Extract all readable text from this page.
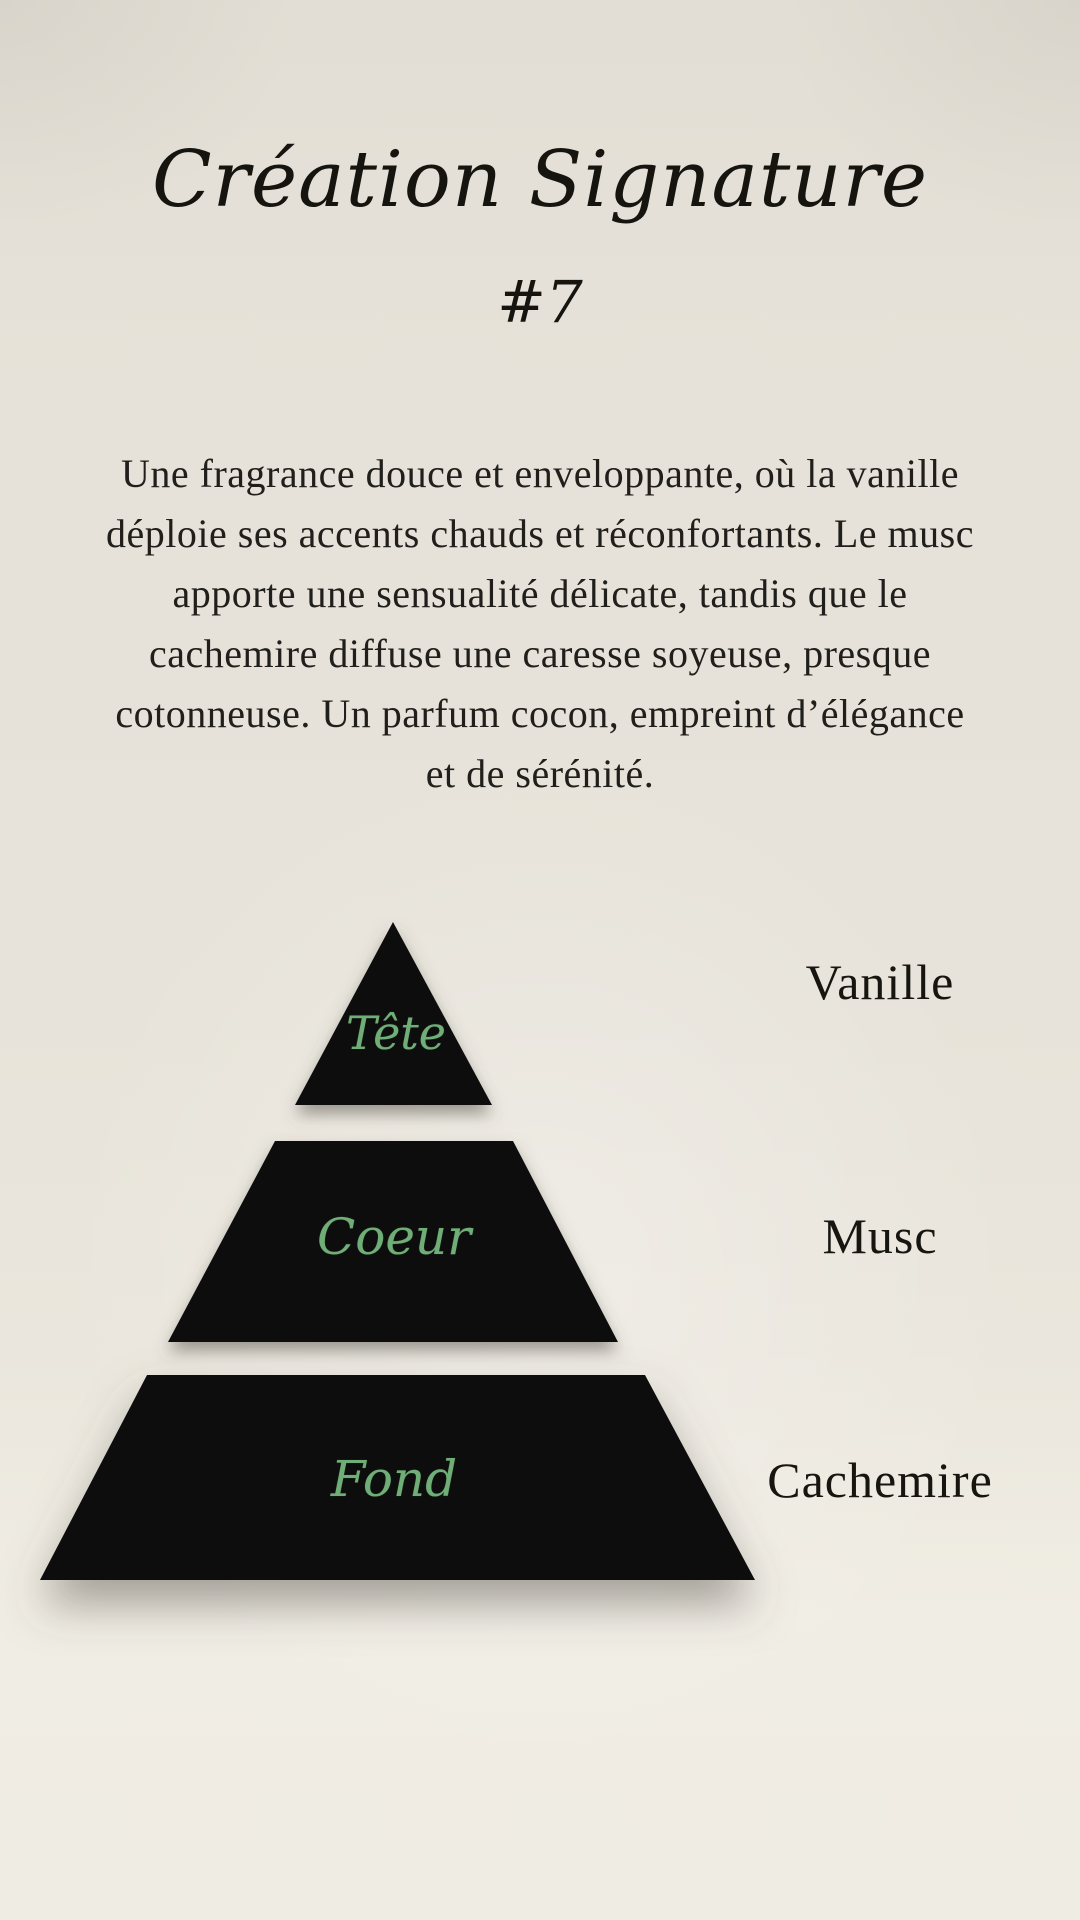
Création Signature
#7
Une fragrance douce et enveloppante, où la vanille
déploie ses accents chauds et réconfortants. Le musc
apporte une sensualité délicate, tandis que le
cachemire diffuse une caresse soyeuse, presque
cotonneuse. Un parfum cocon, empreint d’élégance
et de sérénité.
Tête
Coeur
Fond
Vanille
Musc
Cachemire
